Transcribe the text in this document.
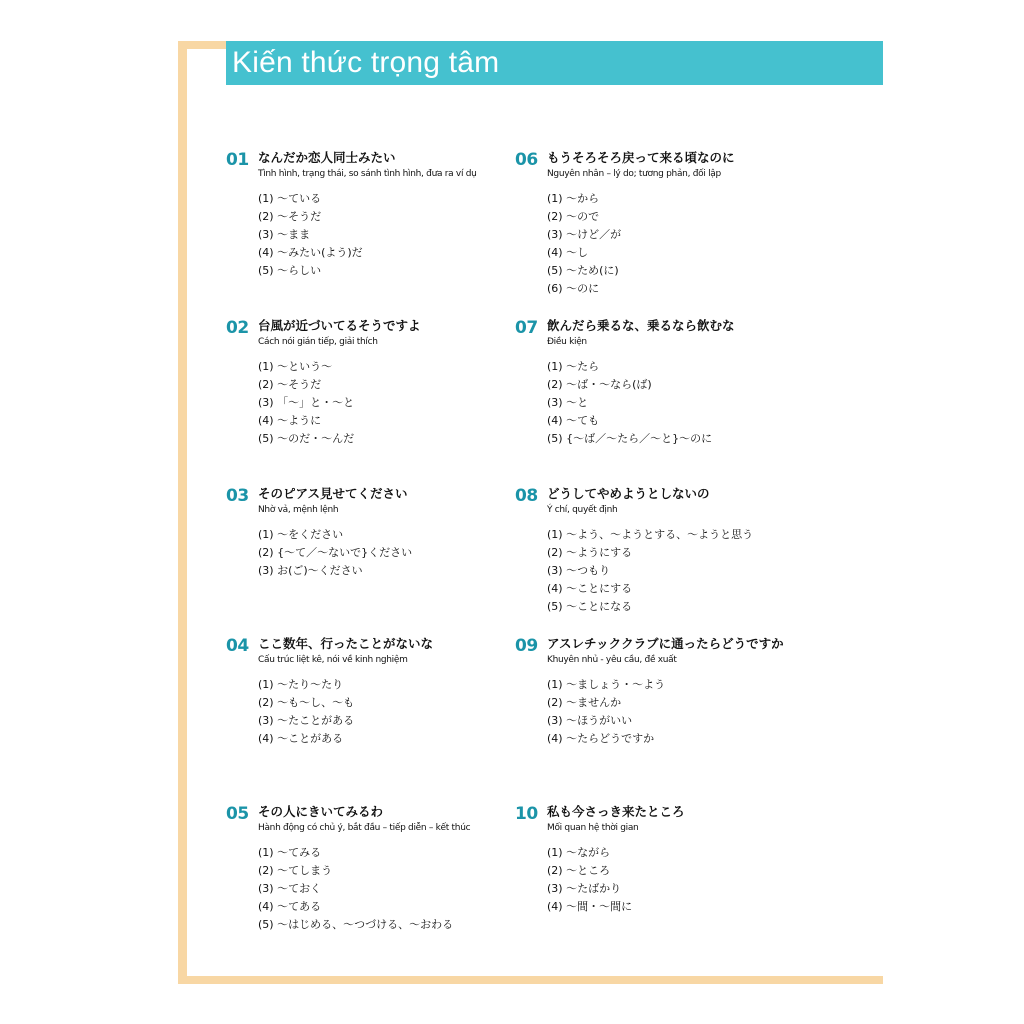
Kiến thức trọng tâm
01 なんだか恋人同士みたい
Tình hình, trạng thái, so sánh tình hình, đưa ra ví dụ
(1) ～ている
(2) ～そうだ
(3) ～まま
(4) ～みたい(よう)だ
(5) ～らしい
02 台風が近づいてるそうですよ
Cách nói gián tiếp, giải thích
(1) ～という～
(2) ～そうだ
(3) 「～」と・～と
(4) ～ように
(5) ～のだ・～んだ
03 そのピアス見せてください
Nhờ vả, mệnh lệnh
(1) ～をください
(2) {～て／～ないで}ください
(3) お(ご)～ください
04 ここ数年、行ったことがないな
Cấu trúc liệt kê, nói về kinh nghiệm
(1) ～たり～たり
(2) ～も～し、～も
(3) ～たことがある
(4) ～ことがある
05 その人にきいてみるわ
Hành động có chủ ý, bắt đầu – tiếp diễn – kết thúc
(1) ～てみる
(2) ～てしまう
(3) ～ておく
(4) ～てある
(5) ～はじめる、～つづける、～おわる
06 もうそろそろ戻って来る頃なのに
Nguyên nhân – lý do; tương phản, đối lập
(1) ～から
(2) ～ので
(3) ～けど／が
(4) ～し
(5) ～ため(に)
(6) ～のに
07 飲んだら乗るな、乗るなら飲むな
Điều kiện
(1) ～たら
(2) ～ば・～なら(ば)
(3) ～と
(4) ～ても
(5) {～ば／～たら／～と}～のに
08 どうしてやめようとしないの
Ý chí, quyết định
(1) ～よう、～ようとする、～ようと思う
(2) ～ようにする
(3) ～つもり
(4) ～ことにする
(5) ～ことになる
09 アスレチッククラブに通ったらどうですか
Khuyên nhủ - yêu cầu, đề xuất
(1) ～ましょう・～よう
(2) ～ませんか
(3) ～ほうがいい
(4) ～たらどうですか
10 私も今さっき来たところ
Mối quan hệ thời gian
(1) ～ながら
(2) ～ところ
(3) ～たばかり
(4) ～間・～間に
